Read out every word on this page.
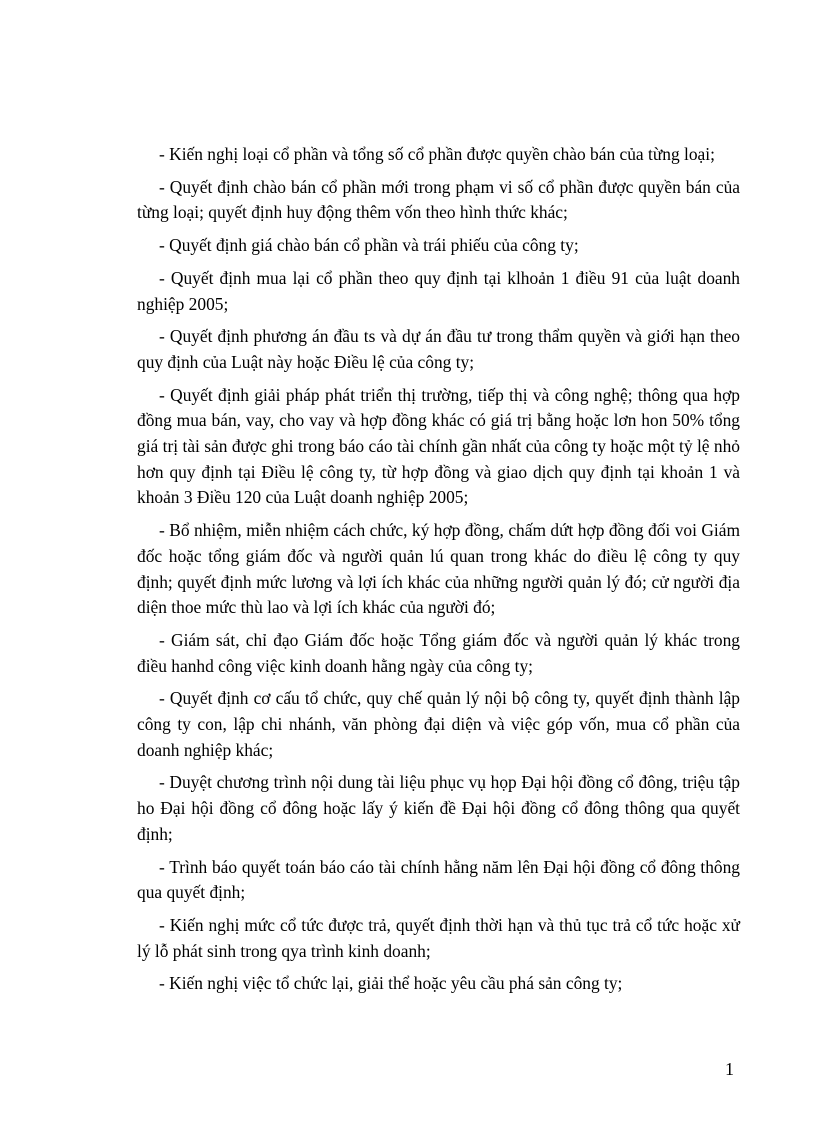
- Kiến nghị loại cổ phần và tổng số cổ phần được quyền chào bán của từng loại;

- Quyết định chào bán cổ phần mới trong phạm vi số cổ phần được quyền bán của từng loại; quyết định huy động thêm vốn theo hình thức khác;

- Quyết định giá chào bán cổ phần và trái phiếu của công ty;

- Quyết định mua lại cổ phần theo quy định tại klhoản 1 điều 91 của luật doanh nghiệp 2005;

- Quyết định phương án đầu ts và dự án đầu tư trong thẩm quyền và giới hạn theo quy định của Luật này hoặc Điều lệ của công ty;

- Quyết định giải pháp phát triển thị trường, tiếp thị và công nghệ; thông qua hợp đồng mua bán, vay, cho vay và hợp đồng khác có giá trị bằng hoặc lơn hon 50% tổng giá trị tài sản được ghi trong báo cáo tài chính gần nhất của công ty hoặc một tỷ lệ nhỏ hơn quy định tại Điều lệ công ty, từ hợp đồng và giao dịch quy định tại khoản 1 và khoản 3 Điều 120 của Luật doanh nghiệp 2005;

- Bổ nhiệm, miễn nhiệm cách chức, ký hợp đồng, chấm dứt hợp đồng đối voi Giám đốc hoặc tổng giám đốc và người quản lú quan trong khác do điều lệ công ty quy định; quyết định mức lương và lợi ích khác của những người quản lý đó; cử người địa diện thoe mức thù lao và lợi ích khác của người đó;

- Giám sát, chỉ đạo Giám đốc hoặc Tổng giám đốc và người quản lý khác trong điều hanhd công việc kinh doanh hằng ngày của công ty;

- Quyết định cơ cấu tổ chức, quy chế quản lý nội bộ công ty, quyết định thành lập công ty con, lập chi nhánh, văn phòng đại diện và việc góp vốn, mua cổ phần của doanh nghiệp khác;

- Duyệt chương trình nội dung tài liệu phục vụ họp Đại hội đồng cổ đông, triệu tập ho Đại hội đồng cổ đông hoặc lấy ý kiến đề Đại hội đồng cổ đông thông qua quyết định;

- Trình báo quyết toán báo cáo tài chính hằng năm lên Đại hội đồng cổ đông thông qua quyết định;

- Kiến nghị mức cổ tức được trả, quyết định thời hạn và thủ tục trả cổ tức hoặc xử lý lỗ phát sinh trong qya trình kinh doanh;

- Kiến nghị việc tổ chức lại, giải thể hoặc yêu cầu phá sản công ty;

1
